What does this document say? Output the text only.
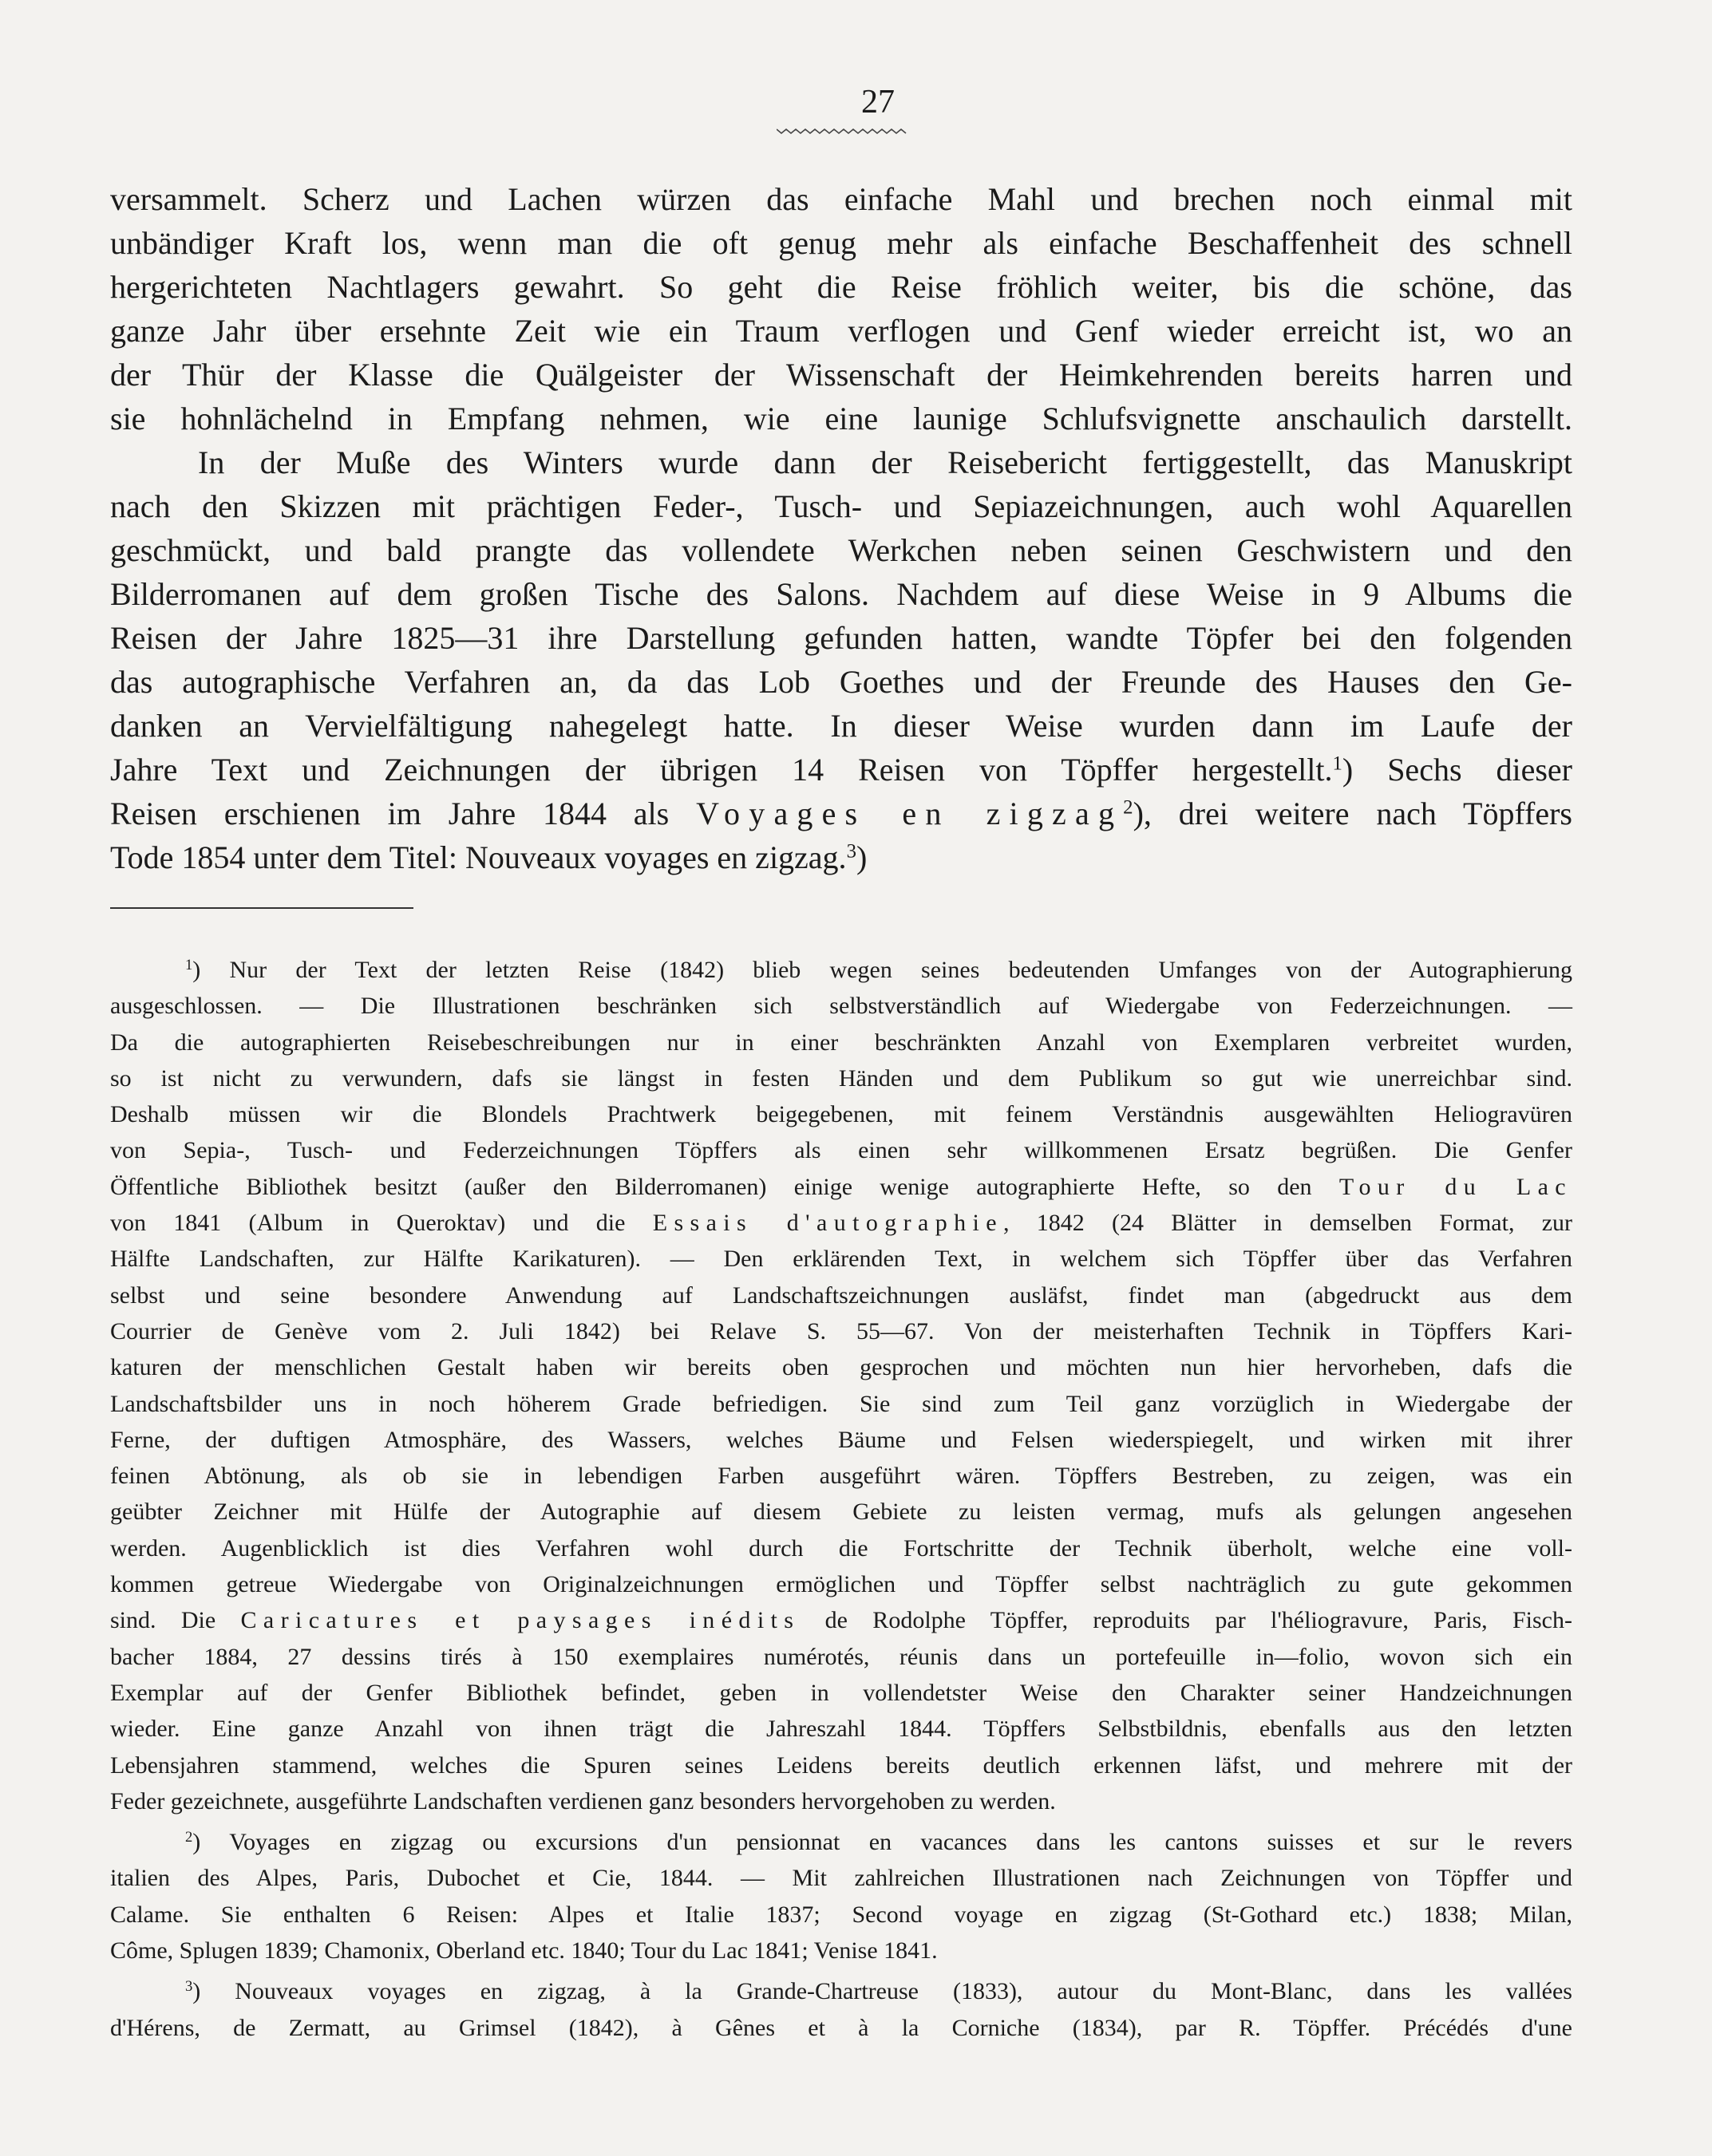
27
versammelt. Scherz und Lachen würzen das einfache Mahl und brechen noch einmal mit
unbändiger Kraft los, wenn man die oft genug mehr als einfache Beschaffenheit des schnell
hergerichteten Nachtlagers gewahrt. So geht die Reise fröhlich weiter, bis die schöne, das
ganze Jahr über ersehnte Zeit wie ein Traum verflogen und Genf wieder erreicht ist, wo an
der Thür der Klasse die Quälgeister der Wissenschaft der Heimkehrenden bereits harren und
sie hohnlächelnd in Empfang nehmen, wie eine launige Schlufsvignette anschaulich darstellt.
In der Muße des Winters wurde dann der Reisebericht fertiggestellt, das Manuskript
nach den Skizzen mit prächtigen Feder-, Tusch- und Sepiazeichnungen, auch wohl Aquarellen
geschmückt, und bald prangte das vollendete Werkchen neben seinen Geschwistern und den
Bilderromanen auf dem großen Tische des Salons. Nachdem auf diese Weise in 9 Albums die
Reisen der Jahre 1825—31 ihre Darstellung gefunden hatten, wandte Töpfer bei den folgenden
das autographische Verfahren an, da das Lob Goethes und der Freunde des Hauses den Ge-
danken an Vervielfältigung nahegelegt hatte. In dieser Weise wurden dann im Laufe der
Jahre Text und Zeichnungen der übrigen 14 Reisen von Töpffer hergestellt.$^1$) Sechs dieser
Reisen erschienen im Jahre 1844 als Voyages en zigzag$^2$), drei weitere nach Töpffers
Tode 1854 unter dem Titel: Nouveaux voyages en zigzag.$^3$)
$^1$) Nur der Text der letzten Reise (1842) blieb wegen seines bedeutenden Umfanges von der Autographierung
ausgeschlossen. — Die Illustrationen beschränken sich selbstverständlich auf Wiedergabe von Federzeichnungen. —
Da die autographierten Reisebeschreibungen nur in einer beschränkten Anzahl von Exemplaren verbreitet wurden,
so ist nicht zu verwundern, dafs sie längst in festen Händen und dem Publikum so gut wie unerreichbar sind.
Deshalb müssen wir die Blondels Prachtwerk beigegebenen, mit feinem Verständnis ausgewählten Heliogravüren
von Sepia-, Tusch- und Federzeichnungen Töpffers als einen sehr willkommenen Ersatz begrüßen. Die Genfer
Öffentliche Bibliothek besitzt (außer den Bilderromanen) einige wenige autographierte Hefte, so den Tour du Lac
von 1841 (Album in Queroktav) und die Essais d'autographie, 1842 (24 Blätter in demselben Format, zur
Hälfte Landschaften, zur Hälfte Karikaturen). — Den erklärenden Text, in welchem sich Töpffer über das Verfahren
selbst und seine besondere Anwendung auf Landschaftszeichnungen ausläfst, findet man (abgedruckt aus dem
Courrier de Genève vom 2. Juli 1842) bei Relave S. 55—67. Von der meisterhaften Technik in Töpffers Kari-
katuren der menschlichen Gestalt haben wir bereits oben gesprochen und möchten nun hier hervorheben, dafs die
Landschaftsbilder uns in noch höherem Grade befriedigen. Sie sind zum Teil ganz vorzüglich in Wiedergabe der
Ferne, der duftigen Atmosphäre, des Wassers, welches Bäume und Felsen wiederspiegelt, und wirken mit ihrer
feinen Abtönung, als ob sie in lebendigen Farben ausgeführt wären. Töpffers Bestreben, zu zeigen, was ein
geübter Zeichner mit Hülfe der Autographie auf diesem Gebiete zu leisten vermag, mufs als gelungen angesehen
werden. Augenblicklich ist dies Verfahren wohl durch die Fortschritte der Technik überholt, welche eine voll-
kommen getreue Wiedergabe von Originalzeichnungen ermöglichen und Töpffer selbst nachträglich zu gute gekommen
sind. Die Caricatures et paysages inédits de Rodolphe Töpffer, reproduits par l'héliogravure, Paris, Fisch-
bacher 1884, 27 dessins tirés à 150 exemplaires numérotés, réunis dans un portefeuille in—folio, wovon sich ein
Exemplar auf der Genfer Bibliothek befindet, geben in vollendetster Weise den Charakter seiner Handzeichnungen
wieder. Eine ganze Anzahl von ihnen trägt die Jahreszahl 1844. Töpffers Selbstbildnis, ebenfalls aus den letzten
Lebensjahren stammend, welches die Spuren seines Leidens bereits deutlich erkennen läfst, und mehrere mit der
Feder gezeichnete, ausgeführte Landschaften verdienen ganz besonders hervorgehoben zu werden.
$^2$) Voyages en zigzag ou excursions d'un pensionnat en vacances dans les cantons suisses et sur le revers
italien des Alpes, Paris, Dubochet et Cie, 1844. — Mit zahlreichen Illustrationen nach Zeichnungen von Töpffer und
Calame. Sie enthalten 6 Reisen: Alpes et Italie 1837; Second voyage en zigzag (St-Gothard etc.) 1838; Milan,
Côme, Splugen 1839; Chamonix, Oberland etc. 1840; Tour du Lac 1841; Venise 1841.
$^3$) Nouveaux voyages en zigzag, à la Grande-Chartreuse (1833), autour du Mont-Blanc, dans les vallées
d'Hérens, de Zermatt, au Grimsel (1842), à Gênes et à la Corniche (1834), par R. Töpffer. Précédés d'une
